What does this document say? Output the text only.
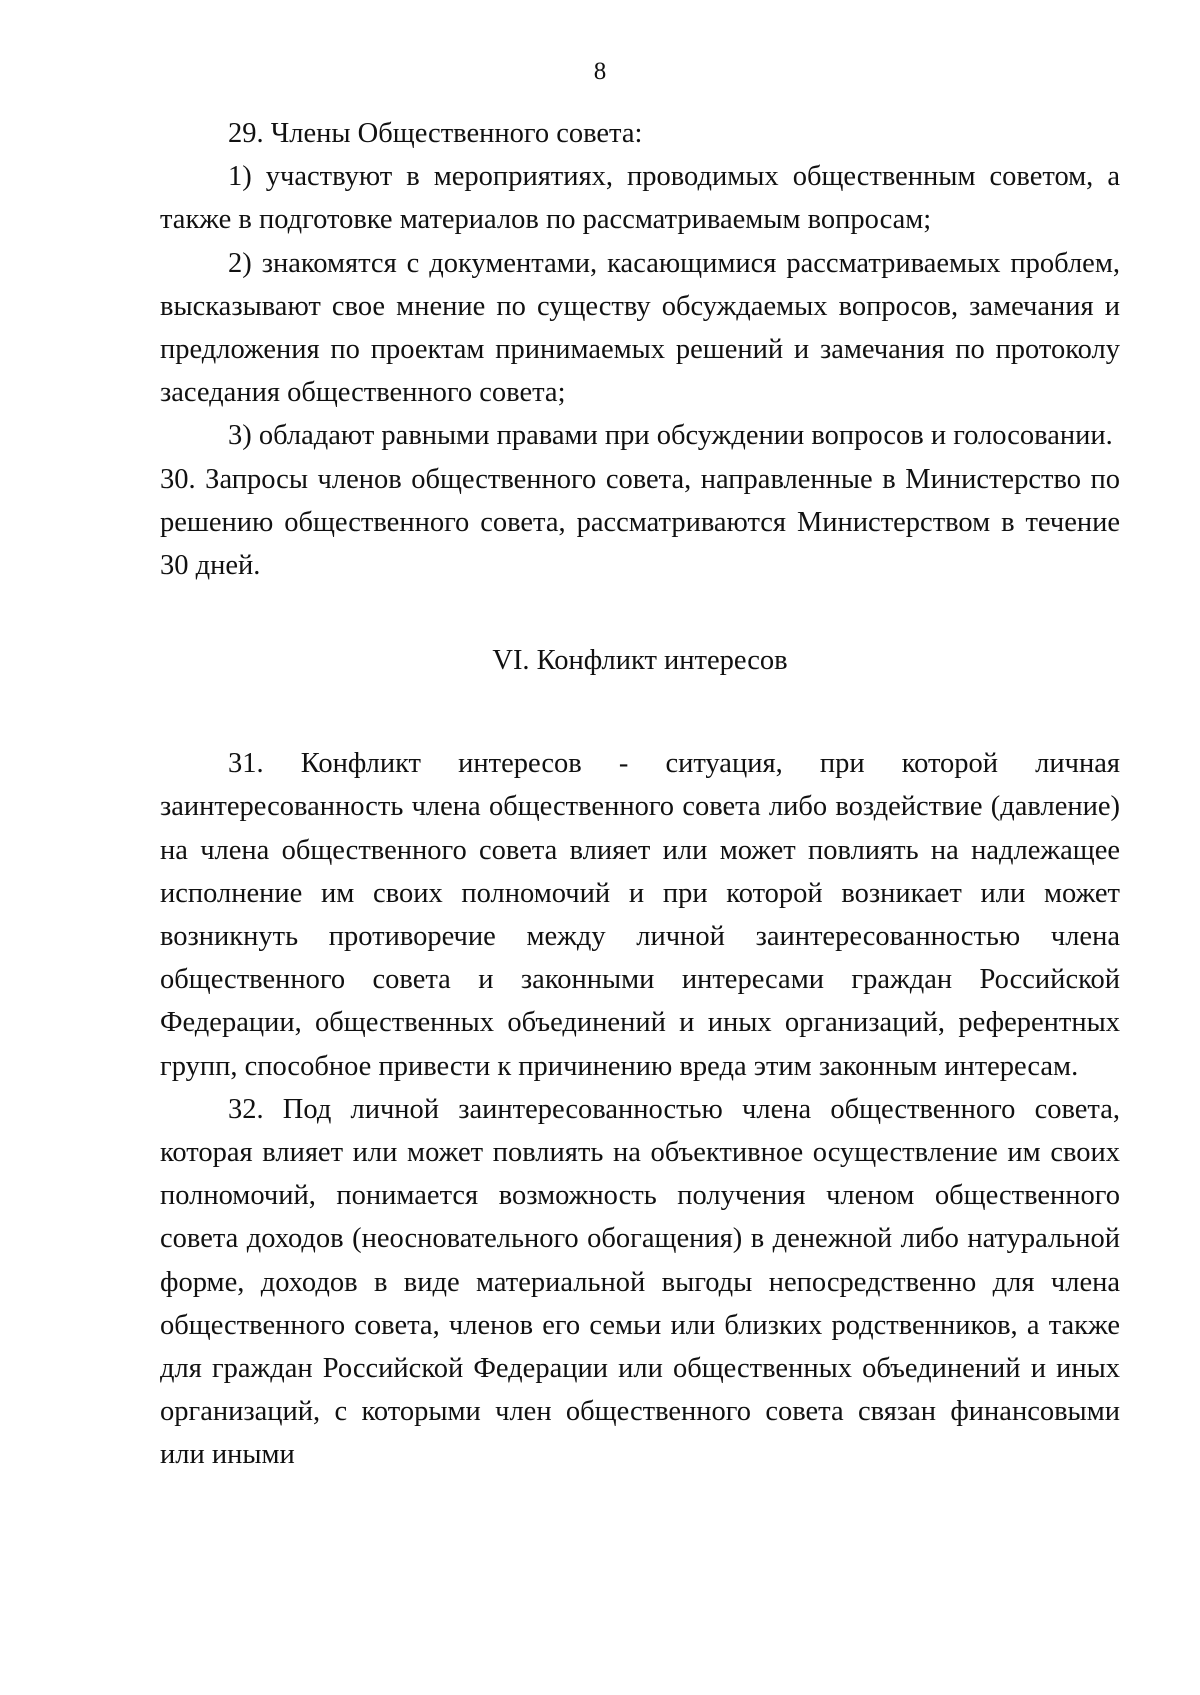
8

29. Члены Общественного совета:

1) участвуют в мероприятиях, проводимых общественным советом, а также в подготовке материалов по рассматриваемым вопросам;

2) знакомятся с документами, касающимися рассматриваемых проблем, высказывают свое мнение по существу обсуждаемых вопросов, замечания и предложения по проектам принимаемых решений и замечания по протоколу заседания общественного совета;

3) обладают равными правами при обсуждении вопросов и голосовании.

30. Запросы членов общественного совета, направленные в Министерство по решению общественного совета, рассматриваются Министерством в течение 30 дней.

VI. Конфликт интересов

31. Конфликт интересов - ситуация, при которой личная заинтересованность члена общественного совета либо воздействие (давление) на члена общественного совета влияет или может повлиять на надлежащее исполнение им своих полномочий и при которой возникает или может возникнуть противоречие между личной заинтересованностью члена общественного совета и законными интересами граждан Российской Федерации, общественных объединений и иных организаций, референтных групп, способное привести к причинению вреда этим законным интересам.

32. Под личной заинтересованностью члена общественного совета, которая влияет или может повлиять на объективное осуществление им своих полномочий, понимается возможность получения членом общественного совета доходов (неосновательного обогащения) в денежной либо натуральной форме, доходов в виде материальной выгоды непосредственно для члена общественного совета, членов его семьи или близких родственников, а также для граждан Российской Федерации или общественных объединений и иных организаций, с которыми член общественного совета связан финансовыми или иными
